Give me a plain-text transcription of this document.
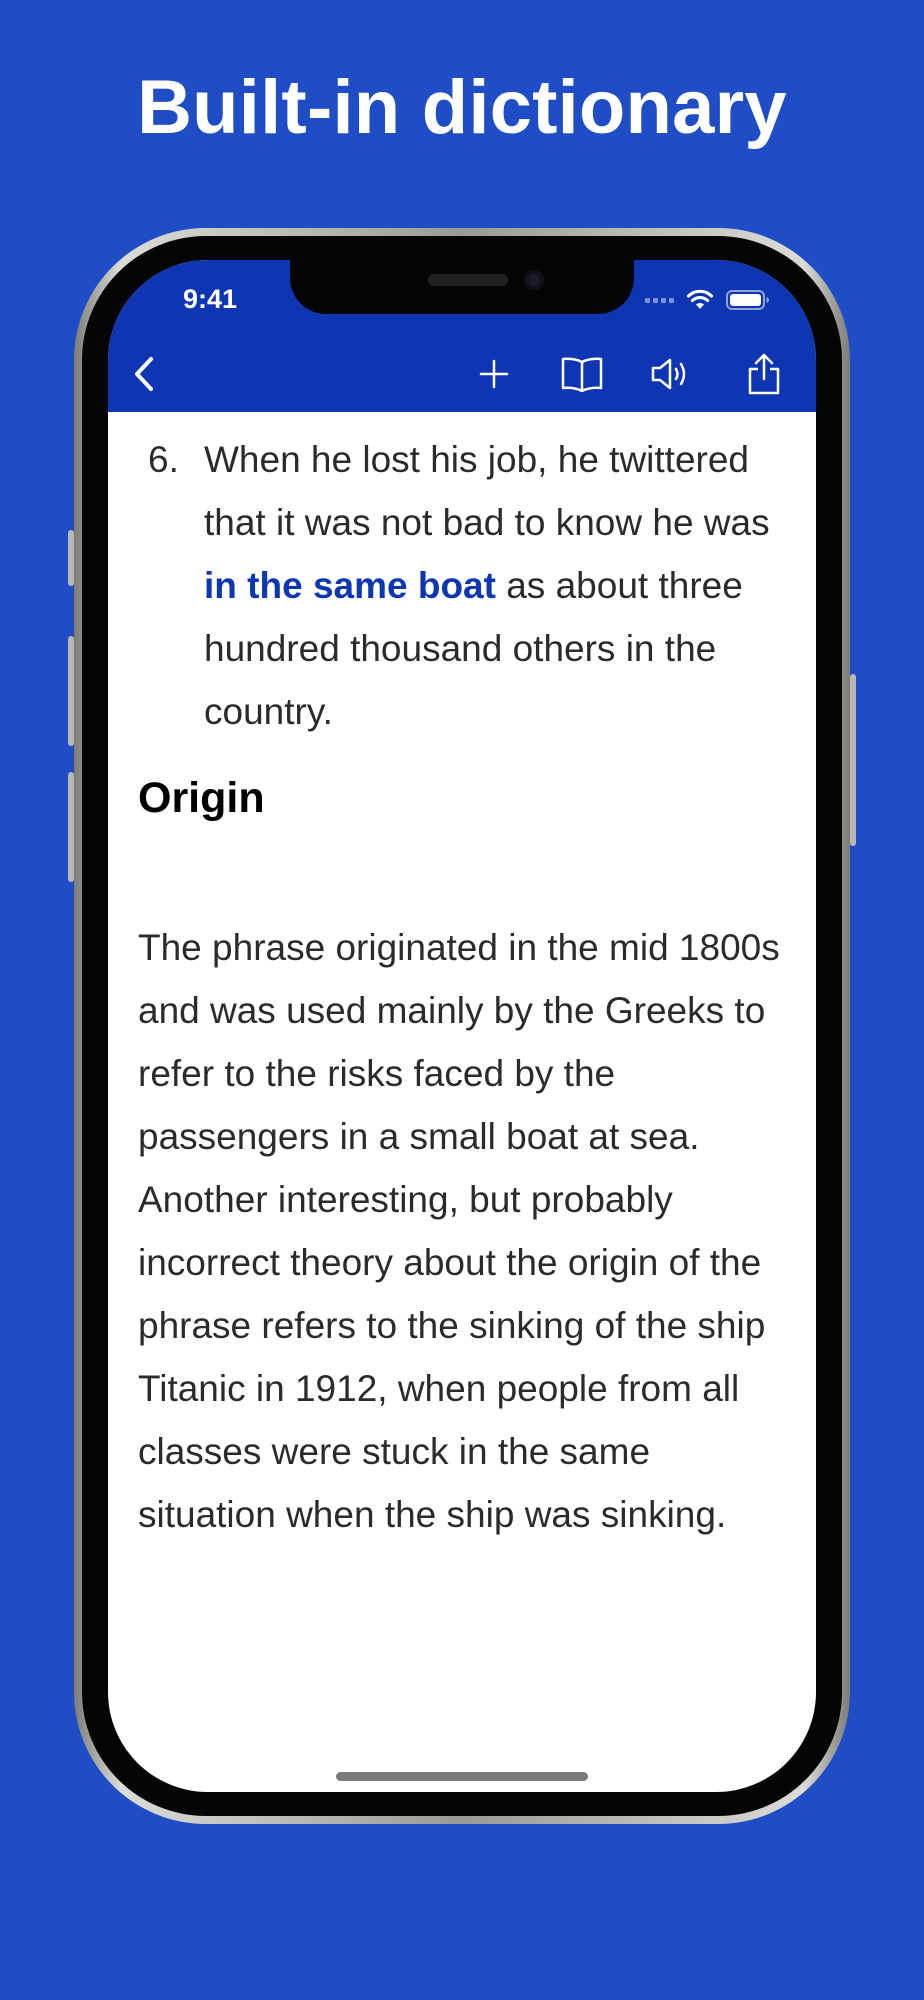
Built-in dictionary
9:41
6. When he lost his job, he twittered that it was not bad to know he was in the same boat as about three hundred thousand others in the country.
Origin
The phrase originated in the mid 1800s and was used mainly by the Greeks to refer to the risks faced by the passengers in a small boat at sea. Another interesting, but probably incorrect theory about the origin of the phrase refers to the sinking of the ship Titanic in 1912, when people from all classes were stuck in the same situation when the ship was sinking.
